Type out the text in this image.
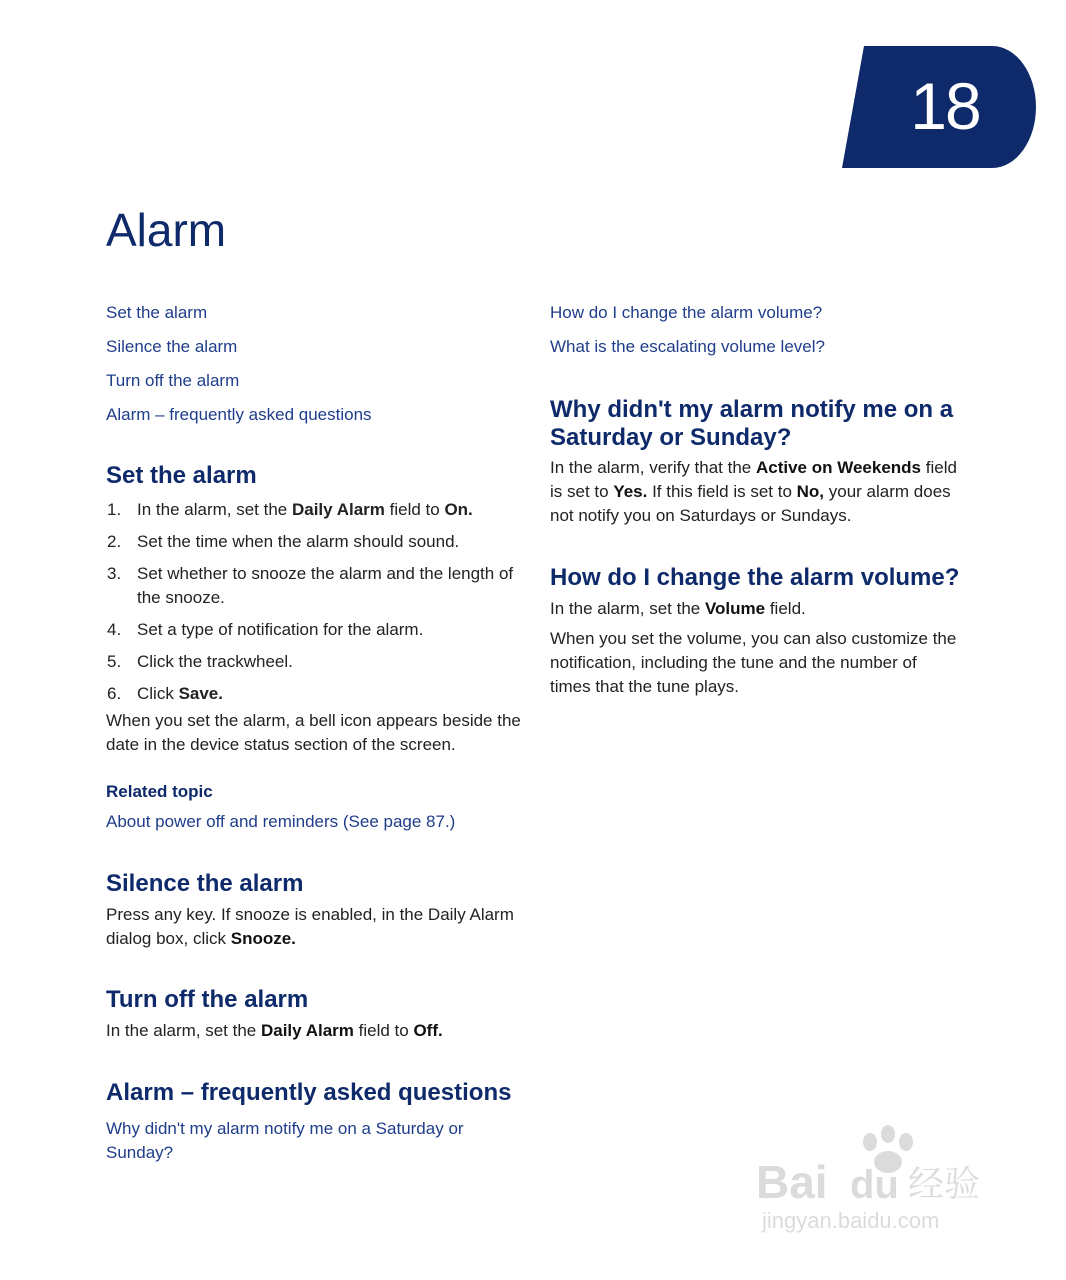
18
Alarm
Set the alarm
Silence the alarm
Turn off the alarm
Alarm – frequently asked questions
How do I change the alarm volume?
What is the escalating volume level?
Set the alarm
1. In the alarm, set the Daily Alarm field to On.
2. Set the time when the alarm should sound.
3. Set whether to snooze the alarm and the length of the snooze.
4. Set a type of notification for the alarm.
5. Click the trackwheel.
6. Click Save.
When you set the alarm, a bell icon appears beside the date in the device status section of the screen.
Related topic
About power off and reminders (See page 87.)
Silence the alarm
Press any key. If snooze is enabled, in the Daily Alarm dialog box, click Snooze.
Turn off the alarm
In the alarm, set the Daily Alarm field to Off.
Alarm – frequently asked questions
Why didn't my alarm notify me on a Saturday or Sunday?
Why didn't my alarm notify me on a Saturday or Sunday?
In the alarm, verify that the Active on Weekends field is set to Yes. If this field is set to No, your alarm does not notify you on Saturdays or Sundays.
How do I change the alarm volume?
In the alarm, set the Volume field.
When you set the volume, you can also customize the notification, including the tune and the number of times that the tune plays.
Bai du 经验
jingyan.baidu.com
